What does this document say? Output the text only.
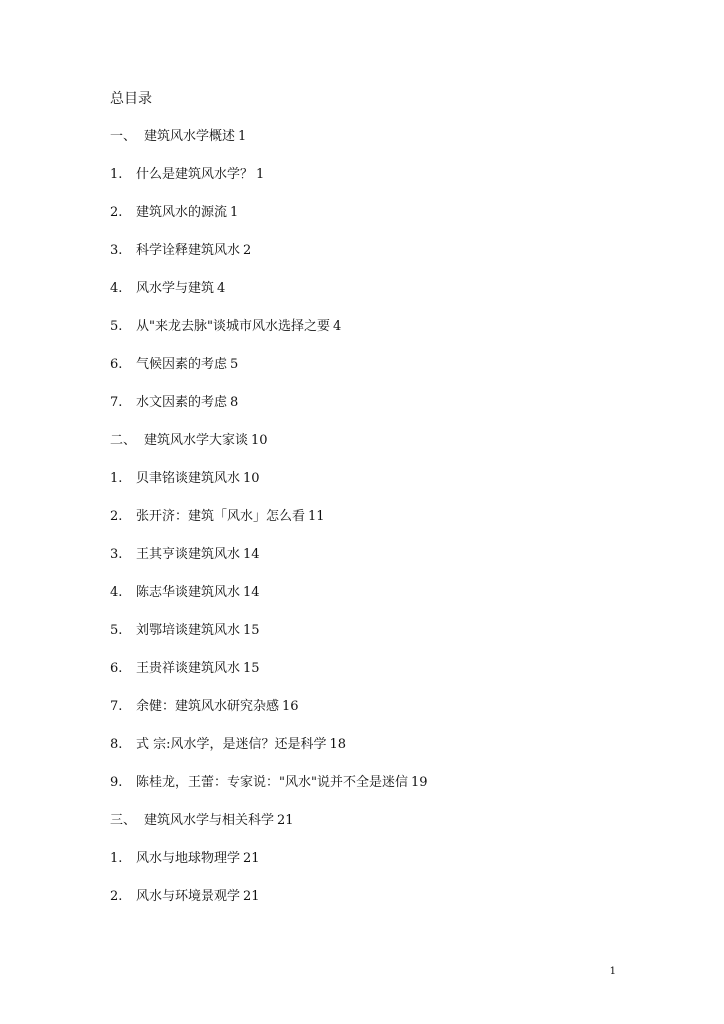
总目录
一、 建筑风水学概述 1
1.	什么是建筑风水学？ 1
2.	建筑风水的源流 1
3.	科学诠释建筑风水 2
4.	风水学与建筑 4
5.	从"来龙去脉"谈城市风水选择之要 4
6.	气候因素的考虑 5
7.	水文因素的考虑 8
二、 建筑风水学大家谈 10
1.	贝聿铭谈建筑风水 10
2.	张开济：建筑「风水」怎么看 11
3.	王其亨谈建筑风水 14
4.	陈志华谈建筑风水 14
5.	刘鄂培谈建筑风水 15
6.	王贵祥谈建筑风水 15
7.	余健：建筑风水研究杂感 16
8.	式 宗:风水学，是迷信？还是科学 18
9.	陈桂龙，王蕾：专家说："风水"说并不全是迷信 19
三、 建筑风水学与相关科学 21
1.	风水与地球物理学 21
2.	风水与环境景观学 21
1
